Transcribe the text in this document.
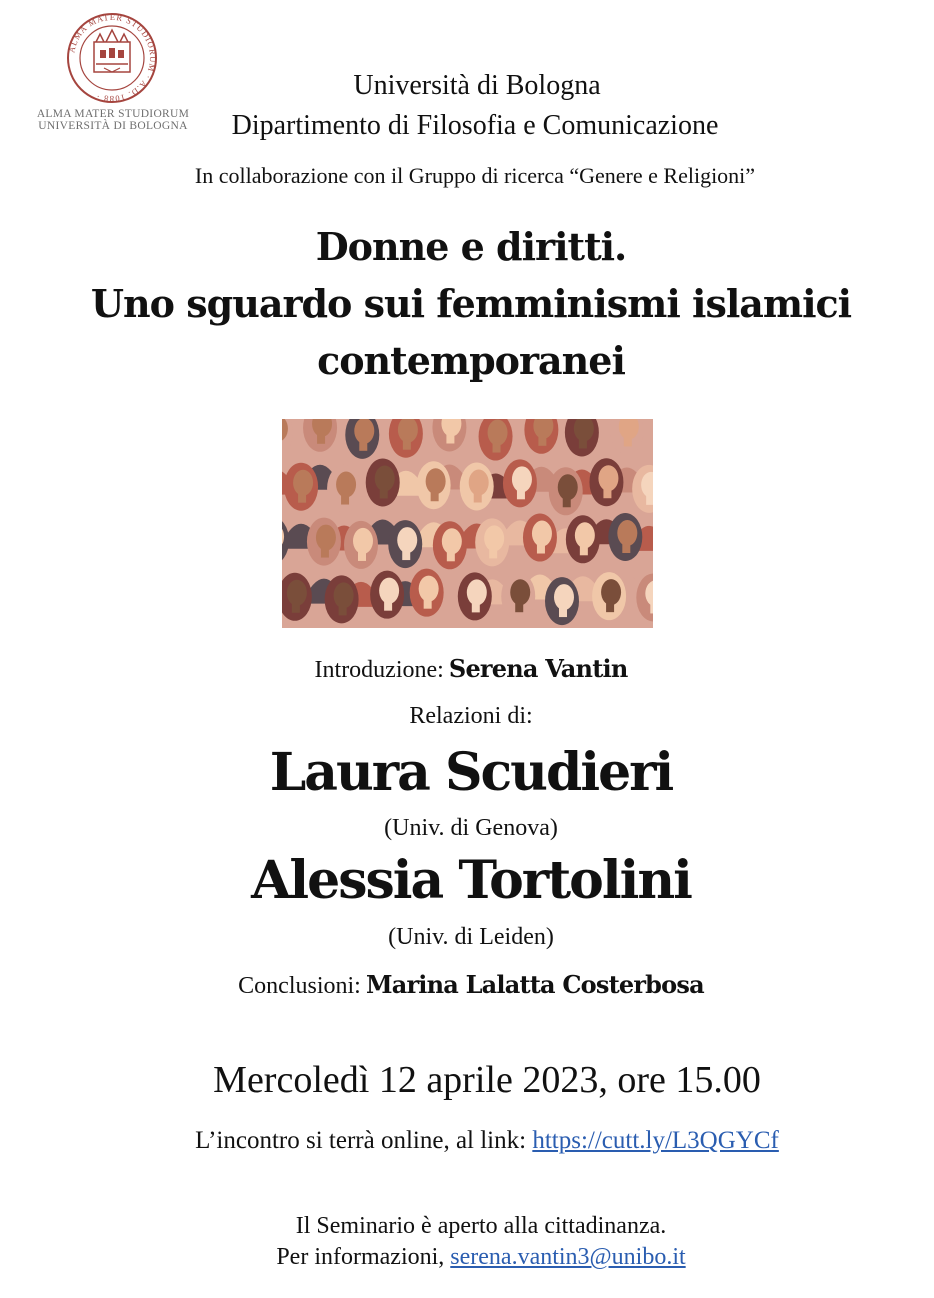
ALMA MATER STUDIORUM · A.D. 1088 ·
ALMA MATER STUDIORUM
UNIVERSITÀ DI BOLOGNA
Università di Bologna
Dipartimento di Filosofia e Comunicazione
In collaborazione con il Gruppo di ricerca “Genere e Religioni”
Donne e diritti.
Uno sguardo sui femminismi islamici
contemporanei
Introduzione: Serena Vantin
Relazioni di:
Laura Scudieri
(Univ. di Genova)
Alessia Tortolini
(Univ. di Leiden)
Conclusioni: Marina Lalatta Costerbosa
Mercoledì 12 aprile 2023, ore 15.00
L’incontro si terrà online, al link: https://cutt.ly/L3QGYCf
Il Seminario è aperto alla cittadinanza.
Per informazioni, serena.vantin3@unibo.it
